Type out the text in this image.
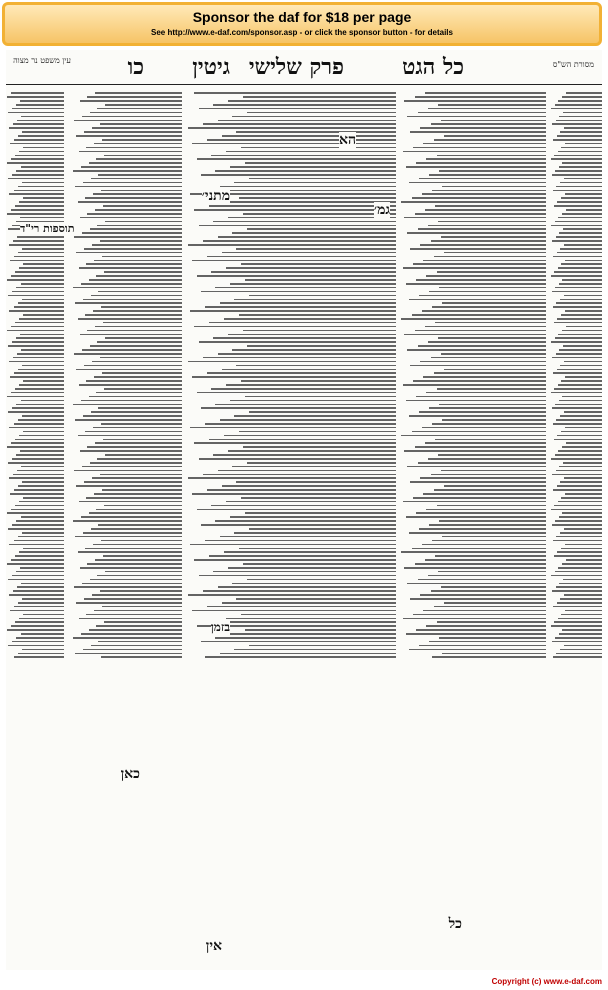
Sponsor the daf for $18 per page
See http://www.e-daf.com/sponsor.asp - or click the sponsor button - for details
מסורת הש"ס
כל הגט
פרק שלישי
גיטין
כו
עין משפט נר מצוה
מתני׳
גמ׳
הא
כאן
כל
אין
בזמן
תוספות רי"ד
Copyright (c) www.e-daf.com
